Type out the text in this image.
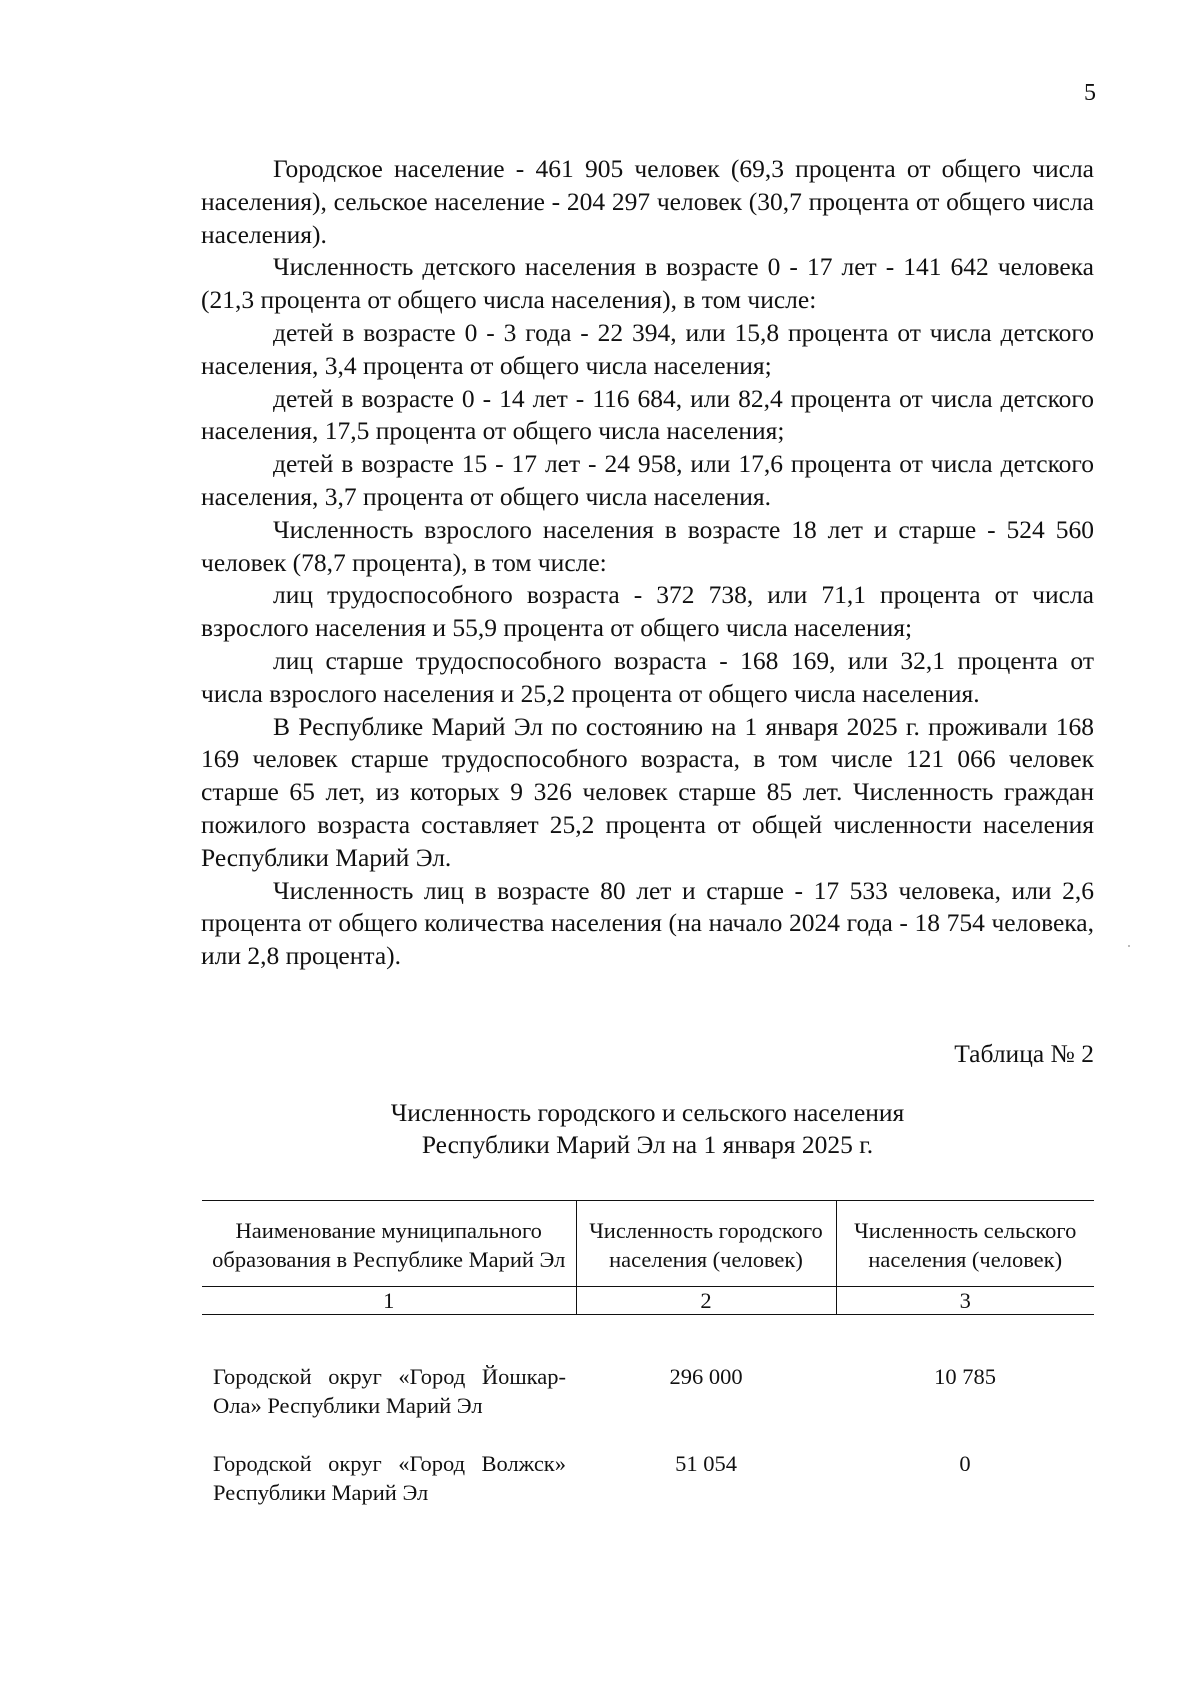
5

Городское население - 461 905 человек (69,3 процента от общего числа населения), сельское население - 204 297 человек (30,7 процента от общего числа населения).

Численность детского населения в возрасте 0 - 17 лет - 141 642 человека (21,3 процента от общего числа населения), в том числе:

детей в возрасте 0 - 3 года - 22 394, или 15,8 процента от числа детского населения, 3,4 процента от общего числа населения;

детей в возрасте 0 - 14 лет - 116 684, или 82,4 процента от числа детского населения, 17,5 процента от общего числа населения;

детей в возрасте 15 - 17 лет - 24 958, или 17,6 процента от числа детского населения, 3,7 процента от общего числа населения.

Численность взрослого населения в возрасте 18 лет и старше - 524 560 человек (78,7 процента), в том числе:

лиц трудоспособного возраста - 372 738, или 71,1 процента от числа взрослого населения и 55,9 процента от общего числа населения;

лиц старше трудоспособного возраста - 168 169, или 32,1 процента от числа взрослого населения и 25,2 процента от общего числа населения.

В Республике Марий Эл по состоянию на 1 января 2025 г. проживали 168 169 человек старше трудоспособного возраста, в том числе 121 066 человек старше 65 лет, из которых 9 326 человек старше 85 лет. Численность граждан пожилого возраста составляет 25,2 процента от общей численности населения Республики Марий Эл.

Численность лиц в возрасте 80 лет и старше - 17 533 человека, или 2,6 процента от общего количества населения (на начало 2024 года - 18 754 человека, или 2,8 процента).

Таблица № 2
Численность городского и сельского населения
Республики Марий Эл на 1 января 2025 г.
Наименование муниципального образования в Республике Марий Эл	Численность городского населения (человек)	Численность сельского населения (человек)
1	2	3
Городской округ «Город Йошкар-Ола» Республики Марий Эл	296 000	10 785
Городской округ «Город Волжск» Республики Марий Эл	51 054	0
